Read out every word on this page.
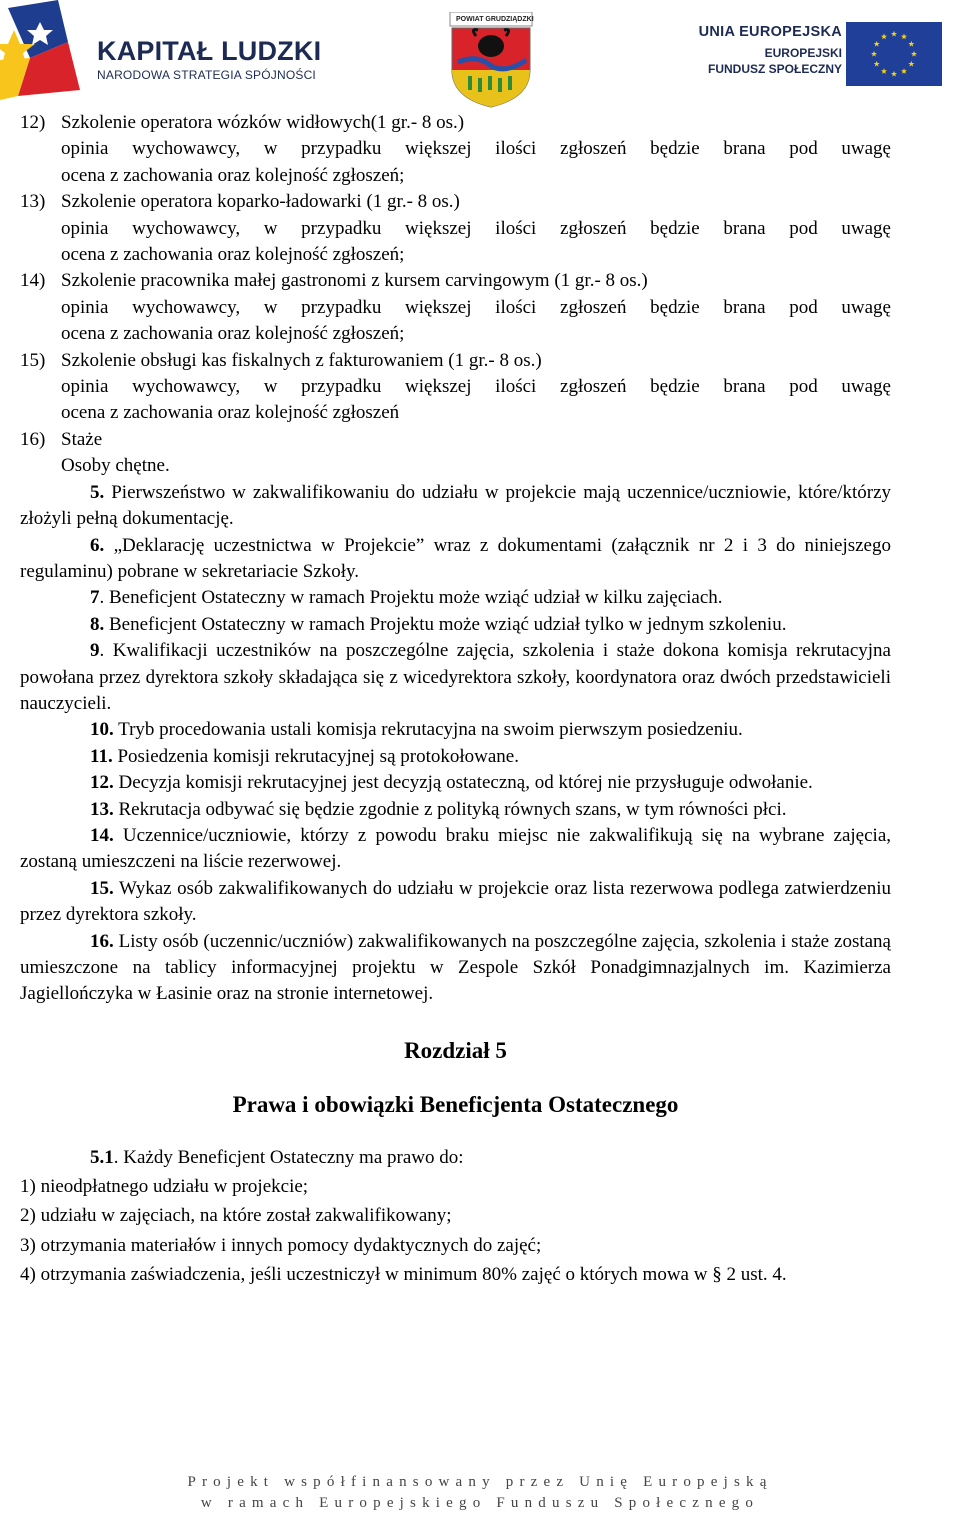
KAPITAŁ LUDZKI
NARODOWA STRATEGIA SPÓJNOŚCI
POWIAT GRUDZIĄDZKI
UNIA EUROPEJSKA
EUROPEJSKI
FUNDUSZ SPOŁECZNY
12) Szkolenie operatora wózków widłowych(1 gr.- 8 os.)

opinia wychowawcy, w przypadku większej ilości zgłoszeń będzie brana pod uwagę

ocena z zachowania oraz kolejność zgłoszeń;

13) Szkolenie operatora koparko-ładowarki (1 gr.- 8 os.)

opinia wychowawcy, w przypadku większej ilości zgłoszeń będzie brana pod uwagę

ocena z zachowania oraz kolejność zgłoszeń;

14) Szkolenie pracownika małej gastronomi z kursem carvingowym (1 gr.- 8 os.)

opinia wychowawcy, w przypadku większej ilości zgłoszeń będzie brana pod uwagę

ocena z zachowania oraz kolejność zgłoszeń;

15) Szkolenie obsługi kas fiskalnych z fakturowaniem (1 gr.- 8 os.)

opinia wychowawcy, w przypadku większej ilości zgłoszeń będzie brana pod uwagę

ocena z zachowania oraz kolejność zgłoszeń

16) Staże

Osoby chętne.

5. Pierwszeństwo w zakwalifikowaniu do udziału w projekcie mają uczennice/uczniowie, które/którzy złożyli pełną dokumentację.

6. „Deklarację uczestnictwa w Projekcie” wraz z dokumentami (załącznik nr 2 i 3 do niniejszego regulaminu) pobrane w sekretariacie Szkoły.

7. Beneficjent Ostateczny w ramach Projektu może wziąć udział w kilku zajęciach.

8. Beneficjent Ostateczny w ramach Projektu może wziąć udział tylko w jednym szkoleniu.

9. Kwalifikacji uczestników na poszczególne zajęcia, szkolenia i staże dokona komisja rekrutacyjna powołana przez dyrektora szkoły składająca się z wicedyrektora szkoły, koordynatora oraz dwóch przedstawicieli nauczycieli.

10. Tryb procedowania ustali komisja rekrutacyjna na swoim pierwszym posiedzeniu.

11. Posiedzenia komisji rekrutacyjnej są protokołowane.

12. Decyzja komisji rekrutacyjnej jest decyzją ostateczną, od której nie przysługuje odwołanie.

13. Rekrutacja odbywać się będzie zgodnie z polityką równych szans, w tym równości płci.

14. Uczennice/uczniowie, którzy z powodu braku miejsc nie zakwalifikują się na wybrane zajęcia, zostaną umieszczeni na liście rezerwowej.

15. Wykaz osób zakwalifikowanych do udziału w projekcie oraz lista rezerwowa podlega zatwierdzeniu przez dyrektora szkoły.

16. Listy osób (uczennic/uczniów) zakwalifikowanych na poszczególne zajęcia, szkolenia i staże zostaną umieszczone na tablicy informacyjnej projektu w Zespole Szkół Ponadgimnazjalnych im. Kazimierza Jagiellończyka w Łasinie oraz na stronie internetowej.

Rozdział 5

Prawa i obowiązki Beneficjenta Ostatecznego

5.1. Każdy Beneficjent Ostateczny ma prawo do:

1) nieodpłatnego udziału w projekcie;

2) udziału w zajęciach, na które został zakwalifikowany;

3) otrzymania materiałów i innych pomocy dydaktycznych do zajęć;

4) otrzymania zaświadczenia, jeśli uczestniczył w minimum 80% zajęć o których mowa w § 2 ust. 4.

Projekt współfinansowany przez Unię Europejską
w ramach Europejskiego Funduszu Społecznego
